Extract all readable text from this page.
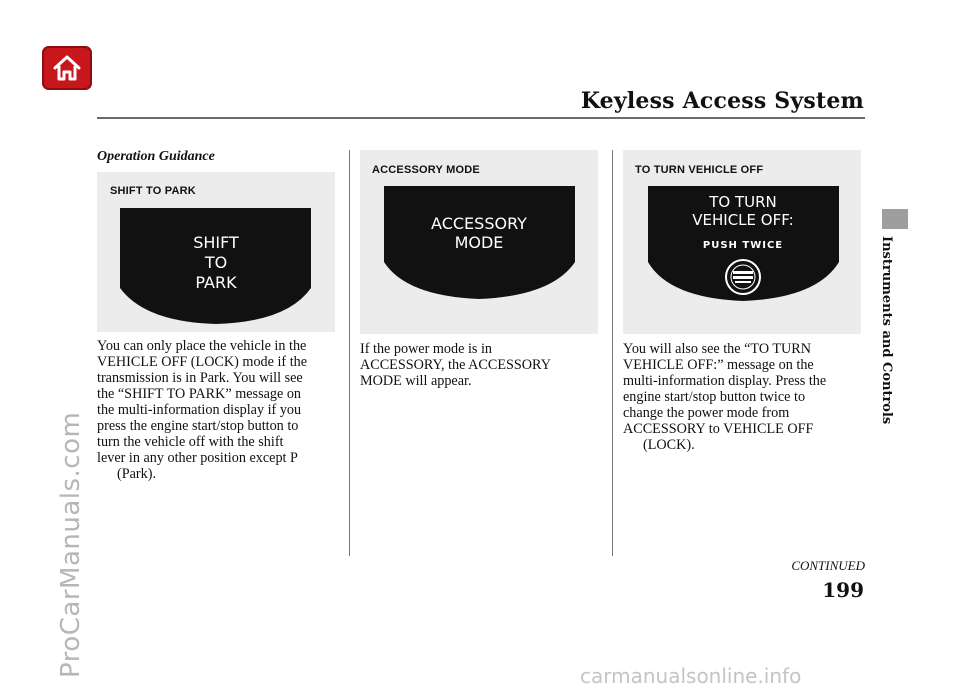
Keyless Access System
Instruments and Controls
ProCarManuals.com	carmanualsonline.info
Operation Guidance
SHIFT TO PARK
SHIFT
TO
PARK
You can only place the vehicle in the
VEHICLE OFF (LOCK) mode if the
transmission is in Park. You will see
the “SHIFT TO PARK” message on
the multi-information display if you
press the engine start/stop button to
turn the vehicle off with the shift
lever in any other position except P
(Park).
ACCESSORY MODE
ACCESSORY
MODE
If the power mode is in
ACCESSORY, the ACCESSORY
MODE will appear.
TO TURN VEHICLE OFF
TO TURN
VEHICLE OFF:
PUSH TWICE
You will also see the “TO TURN
VEHICLE OFF:” message on the
multi-information display. Press the
engine start/stop button twice to
change the power mode from
ACCESSORY to VEHICLE OFF
(LOCK).
CONTINUED
199
